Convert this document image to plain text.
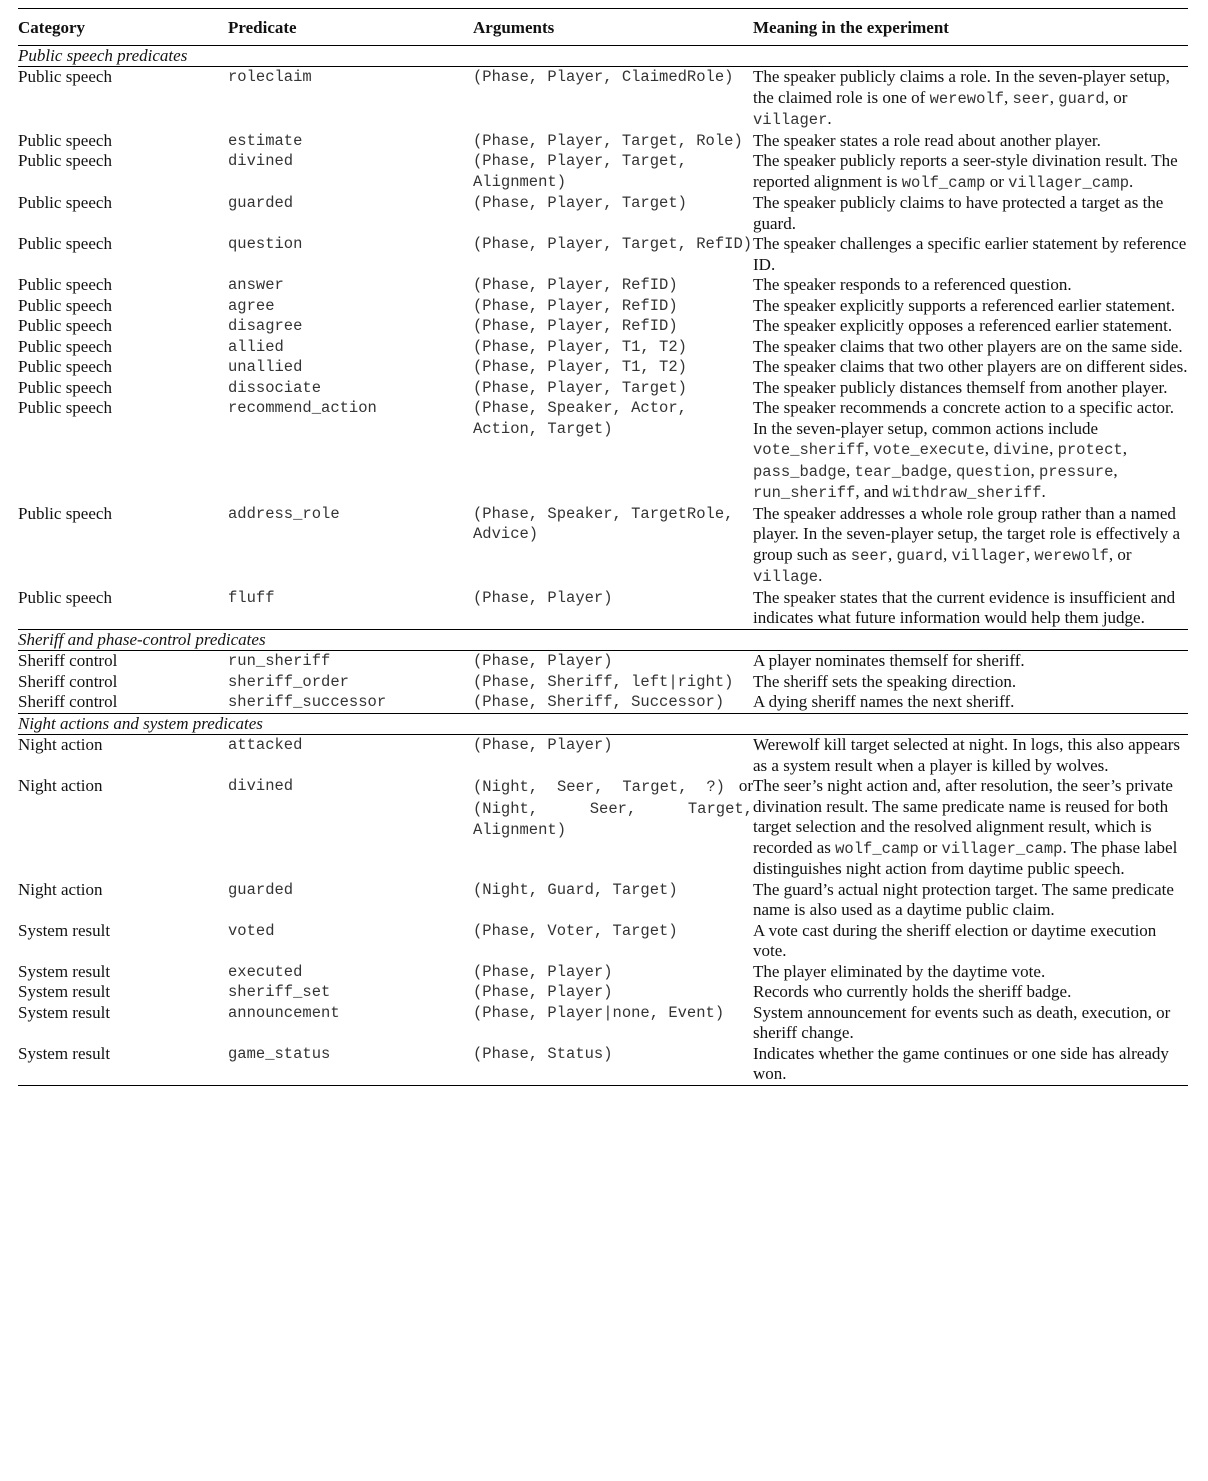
Category	Predicate	Arguments	Meaning in the experiment
Public speech predicates			
Public speech	roleclaim	(Phase, Player, ClaimedRole)	The speaker publicly claims a role. In the seven-player setup, the claimed role is one of werewolf, seer, guard, or villager.
Public speech	estimate	(Phase, Player, Target, Role)	The speaker states a role read about another player.
Public speech	divined	(Phase, Player, Target, Alignment)	The speaker publicly reports a seer-style divination result. The reported alignment is wolf_camp or villager_camp.
Public speech	guarded	(Phase, Player, Target)	The speaker publicly claims to have protected a target as the guard.
Public speech	question	(Phase, Player, Target, RefID)	The speaker challenges a specific earlier statement by reference ID.
Public speech	answer	(Phase, Player, RefID)	The speaker responds to a referenced question.
Public speech	agree	(Phase, Player, RefID)	The speaker explicitly supports a referenced earlier statement.
Public speech	disagree	(Phase, Player, RefID)	The speaker explicitly opposes a referenced earlier statement.
Public speech	allied	(Phase, Player, T1, T2)	The speaker claims that two other players are on the same side.
Public speech	unallied	(Phase, Player, T1, T2)	The speaker claims that two other players are on different sides.
Public speech	dissociate	(Phase, Player, Target)	The speaker publicly distances themself from another player.
Public speech	recommend_action	(Phase, Speaker, Actor, Action, Target)	The speaker recommends a concrete action to a specific actor. In the seven-player setup, common actions include vote_sheriff, vote_execute, divine, protect, pass_badge, tear_badge, question, pressure, run_sheriff, and withdraw_sheriff.
Public speech	address_role	(Phase, Speaker, TargetRole, Advice)	The speaker addresses a whole role group rather than a named player. In the seven-player setup, the target role is effectively a group such as seer, guard, villager, werewolf, or village.
Public speech	fluff	(Phase, Player)	The speaker states that the current evidence is insufficient and indicates what future information would help them judge.
Sheriff and phase-control predicates			
Sheriff control	run_sheriff	(Phase, Player)	A player nominates themself for sheriff.
Sheriff control	sheriff_order	(Phase, Sheriff, left|right)	The sheriff sets the speaking direction.
Sheriff control	sheriff_successor	(Phase, Sheriff, Successor)	A dying sheriff names the next sheriff.
Night actions and system predicates			
Night action	attacked	(Phase, Player)	Werewolf kill target selected at night. In logs, this also appears as a system result when a player is killed by wolves.
Night action	divined	(Night, Seer, Target, ?) or (Night, Seer, Target, Alignment)	The seer’s night action and, after resolution, the seer’s private divination result. The same predicate name is reused for both target selection and the resolved alignment result, which is recorded as wolf_camp or villager_camp. The phase label distinguishes night action from daytime public speech.
Night action	guarded	(Night, Guard, Target)	The guard’s actual night protection target. The same predicate name is also used as a daytime public claim.
System result	voted	(Phase, Voter, Target)	A vote cast during the sheriff election or daytime execution vote.
System result	executed	(Phase, Player)	The player eliminated by the daytime vote.
System result	sheriff_set	(Phase, Player)	Records who currently holds the sheriff badge.
System result	announcement	(Phase, Player|none, Event)	System announcement for events such as death, execution, or sheriff change.
System result	game_status	(Phase, Status)	Indicates whether the game continues or one side has already won.
